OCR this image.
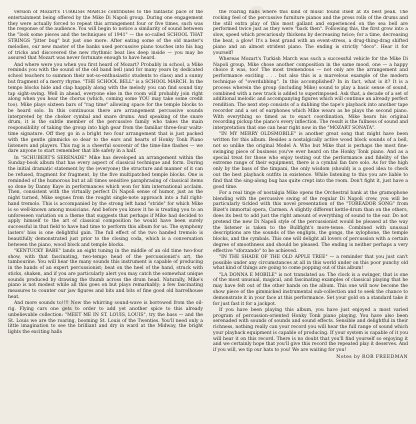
version of Mozart's TURKISH MARCH contributes to the fantastic pace of the entertainment being offered by the Mike Di Napoli group. During one engagement they were actually forced to repeat this arrangement four or five times, such was the response of the audience. You will begin to notice a similarity of sound between the "look some pieces and the techniques of 1941" — the so-called SCHOOL THAT STRINGS "jitter bug" but just one more. After eating some of the old master's melodies, our new master of the banks used percussive piano touches into his bag of tricks and discovered the new rhythmic beat lies deep inside — you may be assured that Mozart was never fortunate enough to have heard.

And where were you when you first heard of Mozart? Probably in school, a Mike reminds you with the sound of the old band bell (and for many years by dedicated school teachers to summon their not-so-enthusiastic students to class) and a sunny but fragment of a merry rhyme. "THE SCHOOL BELL" is a SCHOOL MARCH. In the tempo blocks hide and clap happily along with the melody you can find sound tiny tap sight-swing. Well in ahead, everyone else in the room will probably join right along when you hear the chorus (which, coming some YOU may take some credit too). Mike plays sixteen bars of "rag time" allowing space for the temple blocks to be heard solo. In this continuous there are arrangement percussive sounds interpreted by the choker cymbal and snare drums. And speaking of the snare drum, it is the subtle member of the percussive family who takes the main responsibility of taking the group into high gear from the familiar three-four waltz-time signature. Off they go in a bright two four arrangement that is just packed with the gentle gimmicks so dear to the ears and hearts of Honky Tonk Piano listeners and players. This rag is a cheerful souvenir of the time-line flashes — we dare anyone to start remember that life safety in a half.

In "SCHUBERT'S SERENADE" Mike has developed an arrangement within the Sunday-book album that has every aspect of classical technique and form. During the initial dramatic statement by the (everyone) the structure and manner of it can be refused, fragment for fragment, by the five multipatched temple blocks. One is reminded of the humorous but at all times sensitive paraphrasing of classical items so done by Danny Kaye in performances which won for him international acclaim. Then, consistent with the virtually perfect Di Napoli sense of humor, just as the night turned, Mike segues from the rought single-note approach into a full right-hand tremolo. This is accompanied by the strong left hand "stride" for which Mike is so well-known among musicians. And before you know it he is treating you to an unforeseen variation on a theme that suggests that perhaps if Mike had decided to apply himself to the art of classical composition he would have been surely successful in that field to have had time to perform this album for us. The symphony lasters' hiss is one delightful gain. The full effect of the two handed tremolo is beautifully demonstrated just prior to the closing coda, which is a conversation between the piano, wood block and temple blocks.

"KENTUCKY BABE" lands an eight tuning in the middle of an old time two-four show, with that fascinating, two-tempo head of the percussionist's art, the tambourine. You will hear the many sounds this instrument is capable of producing in the hands of an expert percussionist; beat on the heel of the hand, struck with sticks, shaken, and if you are particularly alert you may catch the somewhat unique sounds produced by drawing the thumb across the drum head. Naturally, Mike's piano is not modest while all this goes on but plays remarkably; a few fascinating measures to counter our jaw figures and bits and bits of fine good old barrelhouse heat.

And more sounds to!!!! Now the whirring sound-wave is borrowed from the oil-rig. Flying cars one gets to order to add yet another spice to this already unbelievable collection: "MEET ME IN ST. LOUIS, LOUIS", try the bass — and the St. Louis we are the roaring, booming St. Louis of the Twenties. You'll need only a little imagination to see the brilliant and dry in ward at the Midway, the bright lights the exciting halls

the roaring halls where this kind of music found itself at its best peak. The rocking feel of the percussive furniture pianos and the press rolls of the drums and the still extra play of this most gallant and experienced on the sea bell are performed twice just as they were "back then". Following this, the first grow into a slow, speed which precariously thickens by decreasing twice; for a time, decreasing the beat, a glow! It's a beat grand with an event-stress, a drug-thing-drag shifted piano and an almost strident piano. The ending is strictly "deco". Hear it for yourself!

Whereas Mozart's Turkish March was such a successful vehicle for the Mike Di Napoli group, Mike chose another composition in the same mood, one — a happy choice it was, too! The most tremendous — not only are the arrangement and performance exciting . . . but also this is a marvelous example of the modern technique of "overdubbing". In this accomplished? In in fact, what is it? It is a process wherein the group (including Mike) sound to play a basic sense of sound, combined with a new track is added to superimposed. Ask that, a decade of a set of additional melodic and accompanying figures which will continue an already perfect rendition. The next step consists of a dubbing the tape's playback into another tape recorder and a set of earphones which Mike wears as he plays the second piano. With everything so timed as to exact coordination, Mike hears his original recording pickup the piano's every inflection. The result is the fullness of sound and interpretation that one can hear right now in the "MOZART SONATA".

"IN MY MERRY OLDSMOBILE" is another great song that might have been written for this album. Besides a nostalgically active wood block sounds of a bell, not so unlike the original Model A. Who but Mike that is perhaps the most fine-swinging piece of business you've ever heard on the Honky Tonk piano. And as a special treat for those who enjoy testing out the performance and fidelity of the extreme range of their equipment, there is a cymbal fan fare solo. As for the high only by the bass of the timpani, the only wisdom (should) is a good idea to check out the best playback outfits in existence. While listening to this you are liable to find that the sing-along bug has quite crept into the room. Don't fight it, just have a good time.

For a real tinge of nostalgia Mike opens the Orchestral bank at the gramophone blending with the percussive swing of the regular Di Napoli crew, you will be particularly tickled with this novel presentation of the "TOREADOR SONG" from Bizet's immortal opera, Carmen. A slightly different kettle-drum than on the others, does its best to add just the right amount of everything of sound to the ear. Do not pretend the new Di Napoli style of the percussionist would be pleased at the way the listener is taken to the Bullfight's more-tense. Combined with unusual descriptions are the sounds of the englipts, the gongs, the xylophone, the temple blocks, and the cymbals. This one will delight all lovers of percussion with a certain degree of smoothness and should be pleased. The ending is neither perhaps a very effective "sforzando" to be achieved.

"IN THE SHADE OF THE OLD APPLE TREE" — a reminder that you just can't possible under any circumstances at all in this world under on this poor punchy old what kind of things are going to come popping out of this album!

"LA DONNA E MOBILE" is not translated as: The clock is a swinger, that is one of the most unusual, magical, and fascinating examples of classical playing that he may have felt out of the other bands on the album. This one will now become the show piece of the gimmicked instrumental sub-collection and to seek the chance to demonstrate it in your face at this performance. Set your gold on a standard take it for just fast it for a jackpot.

If you have been playing this album, you have just enjoyed a most varied program of percussion-oriented Honky Tonk piano playing. You have also been serenaded with sounds of sounds and sound effects. Sensible and delightful in their richness, nothing really can your record you will hear the full range of sound which your playback equipment is capable of producing. If your system is capable of it you will hear it on this record. There is no doubt that you'll find yourself so enjoying it and we certainly hope that you'll give this record the repeated play it deserves. And if you will, we tip our hats to you! We are waiting for you!

Notes by ROB FREEDMAN
